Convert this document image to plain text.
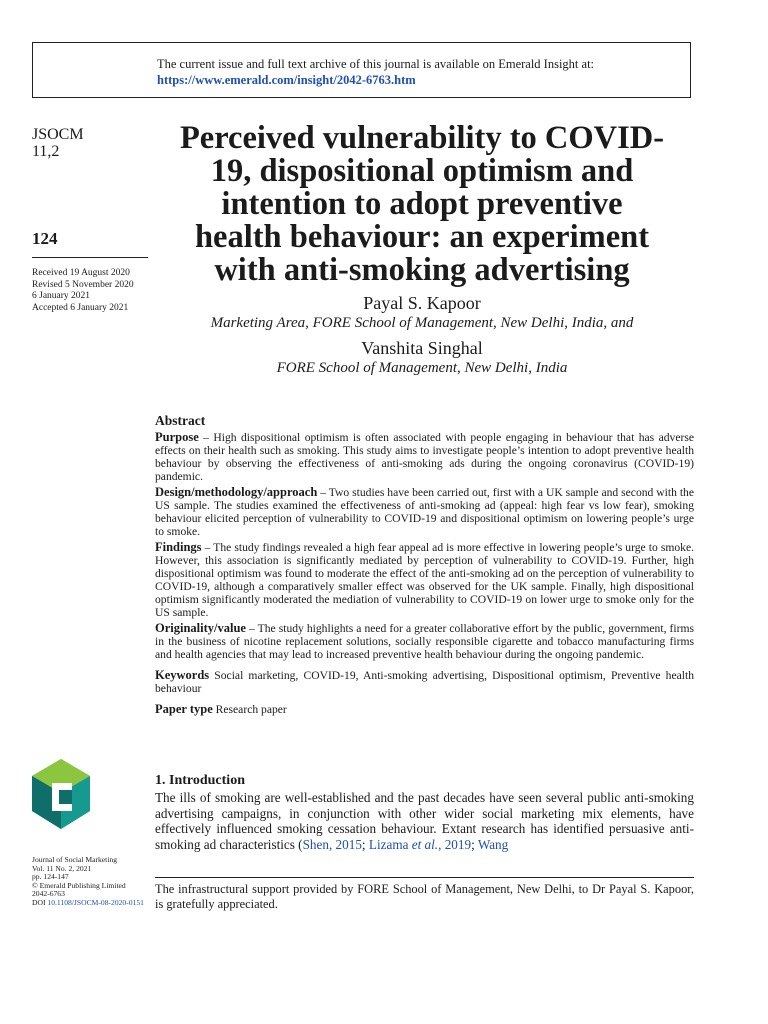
The current issue and full text archive of this journal is available on Emerald Insight at:
https://www.emerald.com/insight/2042-6763.htm
JSOCM
11,2
124
Received 19 August 2020
Revised 5 November 2020
6 January 2021
Accepted 6 January 2021
Perceived vulnerability to COVID-
19, dispositional optimism and
intention to adopt preventive
health behaviour: an experiment
with anti-smoking advertising
Payal S. Kapoor
Marketing Area, FORE School of Management, New Delhi, India, and
Vanshita Singhal
FORE School of Management, New Delhi, India
Abstract

Purpose – High dispositional optimism is often associated with people engaging in behaviour that has adverse effects on their health such as smoking. This study aims to investigate people’s intention to adopt preventive health behaviour by observing the effectiveness of anti-smoking ads during the ongoing coronavirus (COVID-19) pandemic.

Design/methodology/approach – Two studies have been carried out, first with a UK sample and second with the US sample. The studies examined the effectiveness of anti-smoking ad (appeal: high fear vs low fear), smoking behaviour elicited perception of vulnerability to COVID-19 and dispositional optimism on lowering people’s urge to smoke.

Findings – The study findings revealed a high fear appeal ad is more effective in lowering people’s urge to smoke. However, this association is significantly mediated by perception of vulnerability to COVID-19. Further, high dispositional optimism was found to moderate the effect of the anti-smoking ad on the perception of vulnerability to COVID-19, although a comparatively smaller effect was observed for the UK sample. Finally, high dispositional optimism significantly moderated the mediation of vulnerability to COVID-19 on lower urge to smoke only for the US sample.

Originality/value – The study highlights a need for a greater collaborative effort by the public, government, firms in the business of nicotine replacement solutions, socially responsible cigarette and tobacco manufacturing firms and health agencies that may lead to increased preventive health behaviour during the ongoing pandemic.

Keywords Social marketing, COVID-19, Anti-smoking advertising, Dispositional optimism, Preventive health behaviour

Paper type Research paper

1. Introduction
The ills of smoking are well-established and the past decades have seen several public anti-smoking advertising campaigns, in conjunction with other wider social marketing mix elements, have effectively influenced smoking cessation behaviour. Extant research has identified persuasive anti-smoking ad characteristics (Shen, 2015; Lizama et al., 2019; Wang
The infrastructural support provided by FORE School of Management, New Delhi, to Dr Payal S. Kapoor, is gratefully appreciated.
Journal of Social Marketing
Vol. 11 No. 2, 2021
pp. 124-147
© Emerald Publishing Limited
2042-6763
DOI 10.1108/JSOCM-08-2020-0151
